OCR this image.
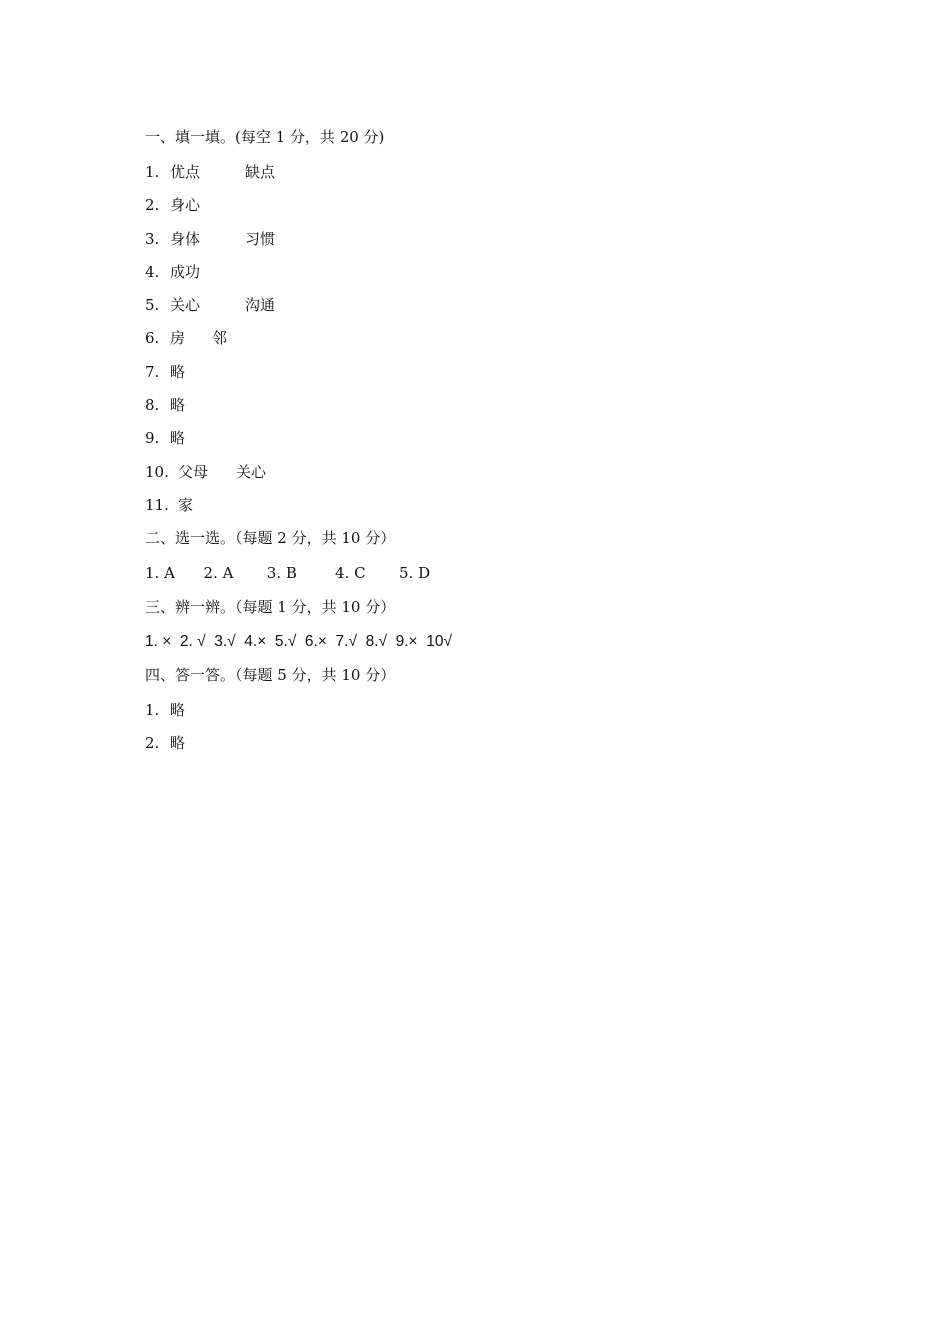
一、填一填。(每空 1 分，共 20 分)
1. 优点	缺点
2. 身心
3. 身体	习惯
4. 成功
5. 关心	沟通
6. 房 邻
7. 略
8. 略
9. 略
10. 父母 关心
11. 家
二、选一选。（每题 2 分，共 10 分）
1. A      2. A       3. B        4. C       5. D
三、辨一辨。（每题 1 分，共 10 分）
1. ×  2. √  3.√  4.×  5.√  6.×  7.√  8.√  9.×  10√
四、答一答。（每题 5 分，共 10 分）
1. 略
2. 略
